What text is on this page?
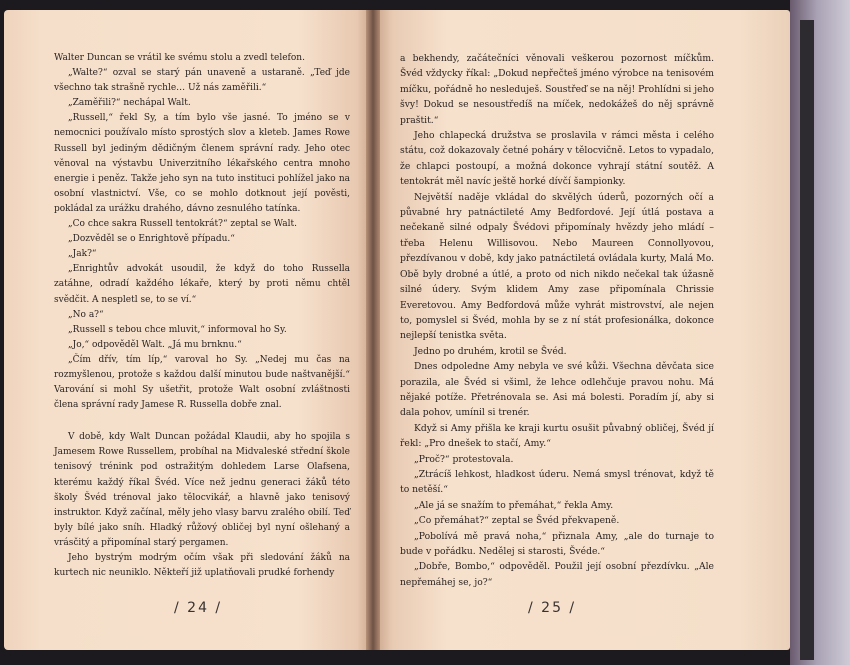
Walter Duncan se vrátil ke svému stolu a zvedl telefon.

„Walte?“ ozval se starý pán unaveně a ustaraně. „Teď jde všechno tak strašně rychle… Už nás zaměřili.“

„Zaměřili?“ nechápal Walt.

„Russell,“ řekl Sy, a tím bylo vše jasné. To jméno se v nemocnici používalo místo sprostých slov a kleteb. James Rowe Russell byl jediným dědičným členem správní rady. Jeho otec věnoval na výstavbu Univerzitního lékařského centra mnoho energie i peněz. Takže jeho syn na tuto instituci pohlížel jako na osobní vlastnictví. Vše, co se mohlo dotknout její pověsti, pokládal za urážku drahého, dávno zesnulého tatínka.

„Co chce sakra Russell tentokrát?“ zeptal se Walt.

„Dozvěděl se o Enrightově případu.“

„Jak?“

„Enrightův advokát usoudil, že když do toho Russella zatáhne, odradí každého lékaře, který by proti němu chtěl svědčit. A nespletl se, to se ví.“

„No a?“

„Russell s tebou chce mluvit,“ informoval ho Sy.

„Jo,“ odpověděl Walt. „Já mu brnknu.“

„Čím dřív, tím líp,“ varoval ho Sy. „Nedej mu čas na rozmyšlenou, protože s každou další minutou bude naštvanější.“ Varování si mohl Sy ušetřit, protože Walt osobní zvláštnosti člena správní rady Jamese R. Russella dobře znal.

V době, kdy Walt Duncan požádal Klaudii, aby ho spojila s Jamesem Rowe Russellem, probíhal na Midvaleské střední škole tenisový trénink pod ostražitým dohledem Larse Olafsena, kterému každý říkal Švéd. Více než jednu generaci žáků této školy Švéd trénoval jako tělocvikář, a hlavně jako tenisový instruktor. Když začínal, měly jeho vlasy barvu zralého obilí. Teď byly bílé jako sníh. Hladký růžový obličej byl nyní ošlehaný a vrásčitý a připomínal starý pergamen.

Jeho bystrým modrým očím však při sledování žáků na kurtech nic neuniklo. Někteří již uplatňovali prudké forhendy

a bekhendy, začátečníci věnovali veškerou pozornost míčkům. Švéd vždycky říkal: „Dokud nepřečteš jméno výrobce na tenisovém míčku, pořádně ho nesleduješ. Soustřeď se na něj! Prohlídni si jeho švy! Dokud se nesoustředíš na míček, nedokážeš do něj správně praštit.“

Jeho chlapecká družstva se proslavila v rámci města i celého státu, což dokazovaly četné poháry v tělocvičně. Letos to vypadalo, že chlapci postoupí, a možná dokonce vyhrají státní soutěž. A tentokrát měl navíc ještě horké dívčí šampionky.

Největší naděje vkládal do skvělých úderů, pozorných očí a půvabné hry patnáctileté Amy Bedfordové. Její útlá postava a nečekaně silné odpaly Švédovi připomínaly hvězdy jeho mládí – třeba Helenu Willisovou. Nebo Maureen Connollyovou, přezdívanou v době, kdy jako patnáctiletá ovládala kurty, Malá Mo. Obě byly drobné a útlé, a proto od nich nikdo nečekal tak úžasně silné údery. Svým klidem Amy zase připomínala Chrissie Everetovou. Amy Bedfordová může vyhrát mistrovství, ale nejen to, pomyslel si Švéd, mohla by se z ní stát profesionálka, dokonce nejlepší tenistka světa.

Jedno po druhém, krotil se Švéd.

Dnes odpoledne Amy nebyla ve své kůži. Všechna děvčata sice porazila, ale Švéd si všiml, že lehce odlehčuje pravou nohu. Má nějaké potíže. Přetrénovala se. Asi má bolesti. Poradím jí, aby si dala pohov, umínil si trenér.

Když si Amy přišla ke kraji kurtu osušit půvabný obličej, Švéd jí řekl: „Pro dnešek to stačí, Amy.“

„Proč?“ protestovala.

„Ztrácíš lehkost, hladkost úderu. Nemá smysl trénovat, když tě to netěší.“

„Ale já se snažím to přemáhat,“ řekla Amy.

„Co přemáhat?“ zeptal se Švéd překvapeně.

„Pobolívá mě pravá noha,“ přiznala Amy, „ale do turnaje to bude v pořádku. Nedělej si starosti, Švéde.“

„Dobře, Bombo,“ odpověděl. Použil její osobní přezdívku. „Ale nepřemáhej se, jo?“

/ 24 /	/ 25 /
